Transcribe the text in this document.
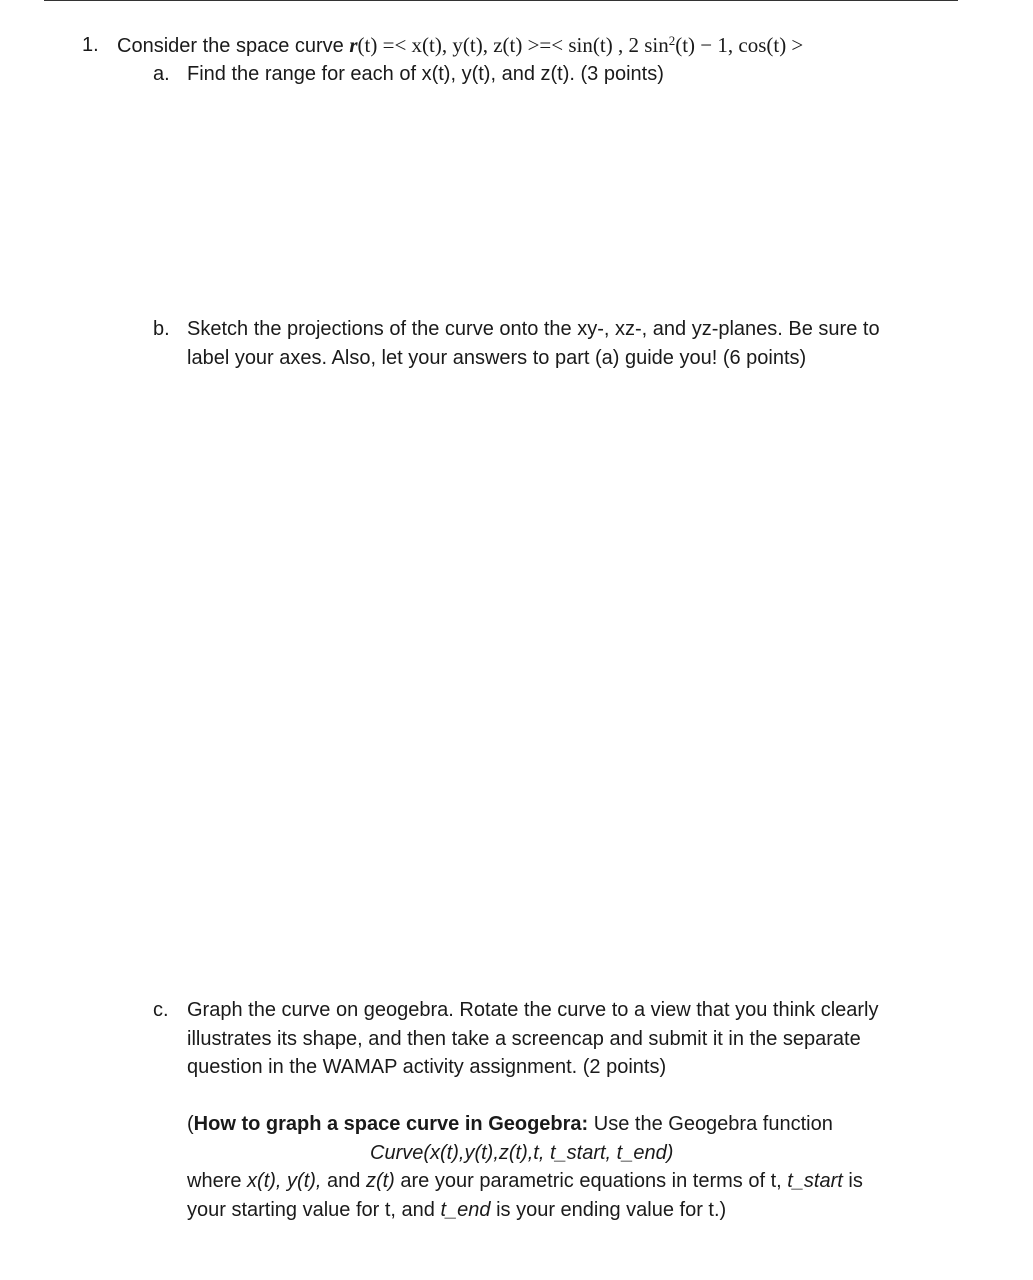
1. Consider the space curve r(t) =< x(t), y(t), z(t) >=< sin(t) , 2 $\sin^2(t) - 1$, cos(t) >
a. Find the range for each of x(t), y(t), and z(t). (3 points)
b. Sketch the projections of the curve onto the xy-, xz-, and yz-planes. Be sure to
label your axes. Also, let your answers to part (a) guide you! (6 points)
c. Graph the curve on geogebra. Rotate the curve to a view that you think clearly
illustrates its shape, and then take a screencap and submit it in the separate
question in the WAMAP activity assignment. (2 points)
(How to graph a space curve in Geogebra: Use the Geogebra function
Curve(x(t),y(t),z(t),t, t_start, t_end)
where x(t), y(t), and z(t) are your parametric equations in terms of t, t_start is
your starting value for t, and t_end is your ending value for t.)
